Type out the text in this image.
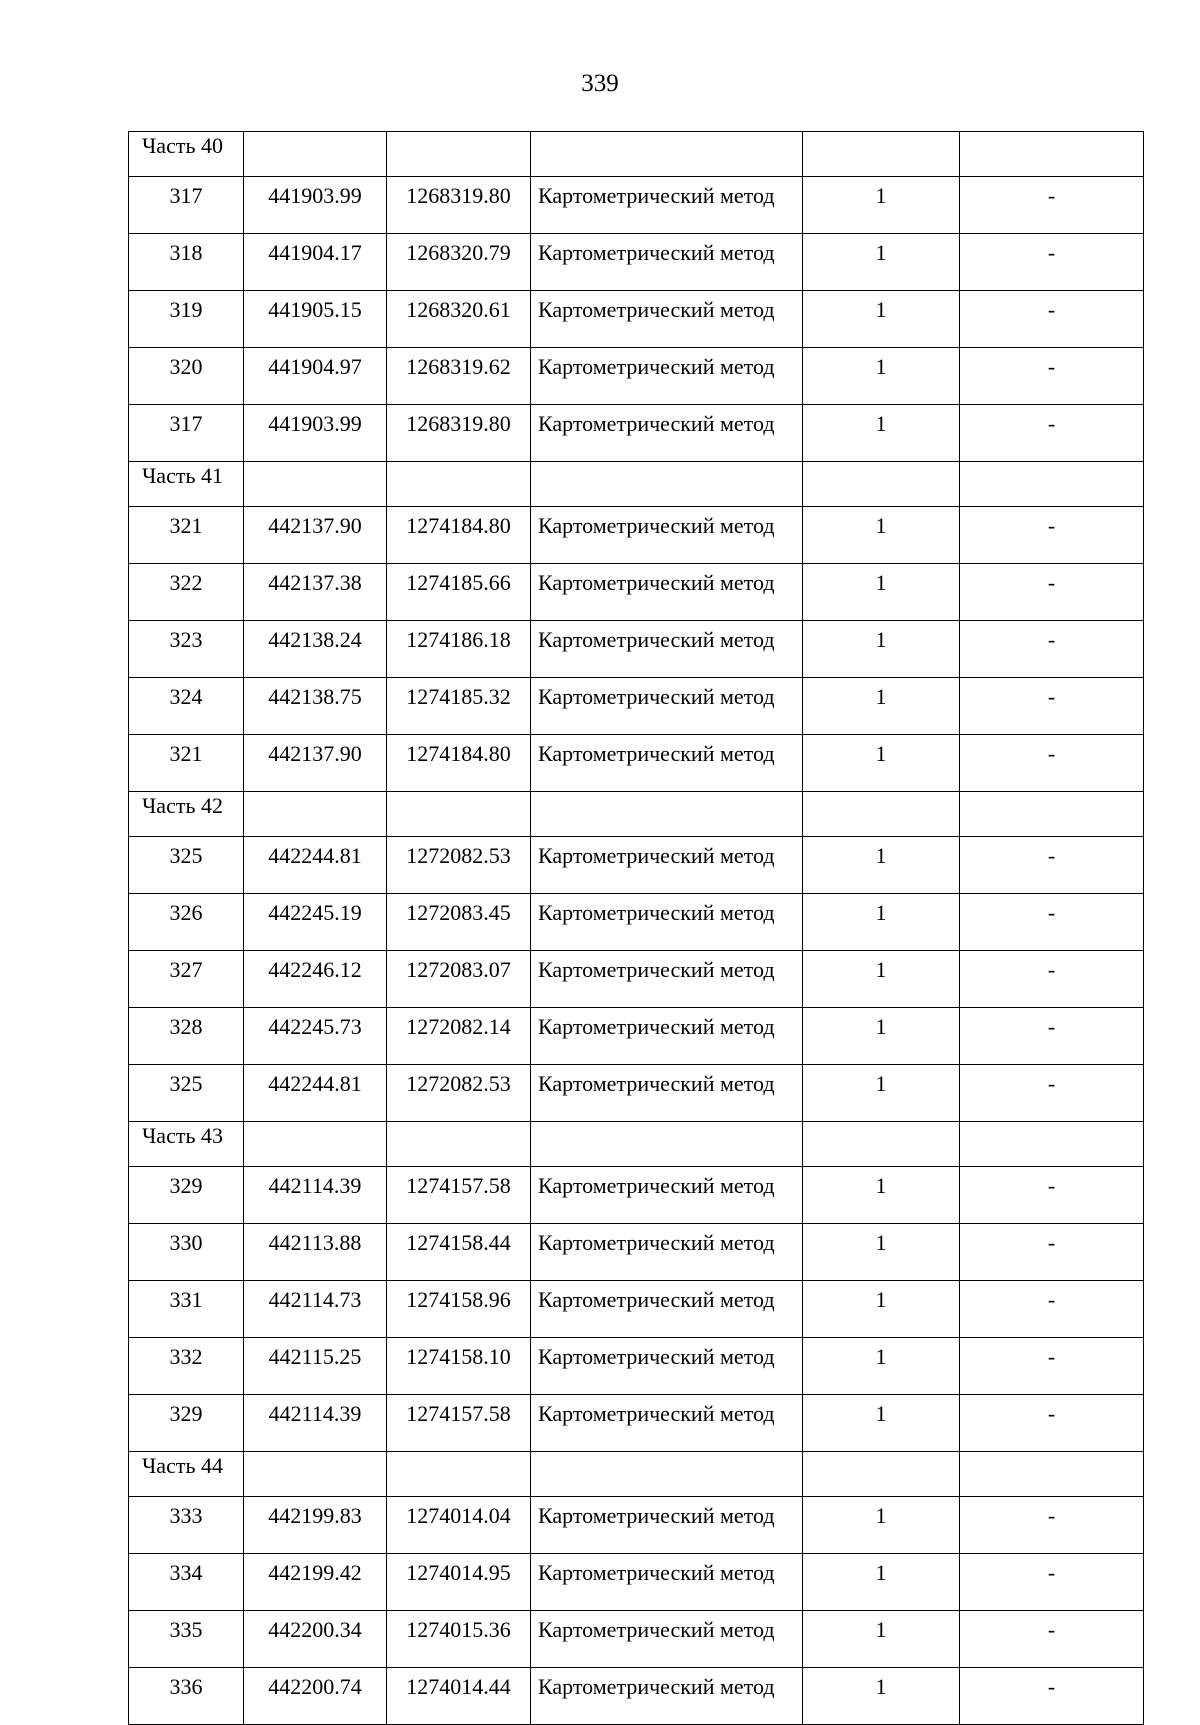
339
Часть 40					
317	441903.99	1268319.80	Картометрический метод	1	-
318	441904.17	1268320.79	Картометрический метод	1	-
319	441905.15	1268320.61	Картометрический метод	1	-
320	441904.97	1268319.62	Картометрический метод	1	-
317	441903.99	1268319.80	Картометрический метод	1	-
Часть 41					
321	442137.90	1274184.80	Картометрический метод	1	-
322	442137.38	1274185.66	Картометрический метод	1	-
323	442138.24	1274186.18	Картометрический метод	1	-
324	442138.75	1274185.32	Картометрический метод	1	-
321	442137.90	1274184.80	Картометрический метод	1	-
Часть 42					
325	442244.81	1272082.53	Картометрический метод	1	-
326	442245.19	1272083.45	Картометрический метод	1	-
327	442246.12	1272083.07	Картометрический метод	1	-
328	442245.73	1272082.14	Картометрический метод	1	-
325	442244.81	1272082.53	Картометрический метод	1	-
Часть 43					
329	442114.39	1274157.58	Картометрический метод	1	-
330	442113.88	1274158.44	Картометрический метод	1	-
331	442114.73	1274158.96	Картометрический метод	1	-
332	442115.25	1274158.10	Картометрический метод	1	-
329	442114.39	1274157.58	Картометрический метод	1	-
Часть 44					
333	442199.83	1274014.04	Картометрический метод	1	-
334	442199.42	1274014.95	Картометрический метод	1	-
335	442200.34	1274015.36	Картометрический метод	1	-
336	442200.74	1274014.44	Картометрический метод	1	-
